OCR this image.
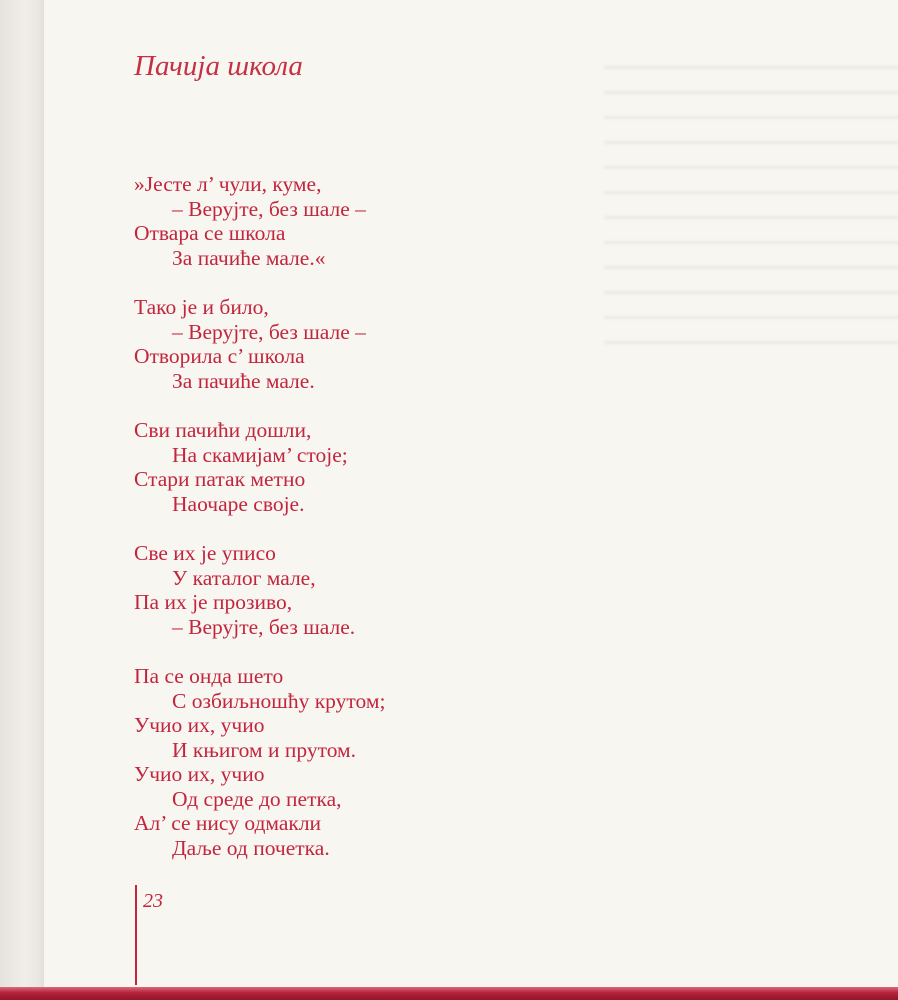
Пачија школа
»Јесте л’ чули, куме,
– Верујте, без шале –
Отвара се школа
За пачиће мале.«
Тако је и било,
– Верујте, без шале –
Отворила с’ школа
За пачиће мале.
Сви пачићи дошли,
На скамијам’ стоје;
Стари патак метно
Наочаре своје.
Све их је уписо
У каталог мале,
Па их је прозиво,
– Верујте, без шале.
Па се онда шето
С озбиљношћу крутом;
Учио их, учио
И књигом и прутом.
Учио их, учио
Од среде до петка,
Ал’ се нису одмакли
Даље од почетка.
23
